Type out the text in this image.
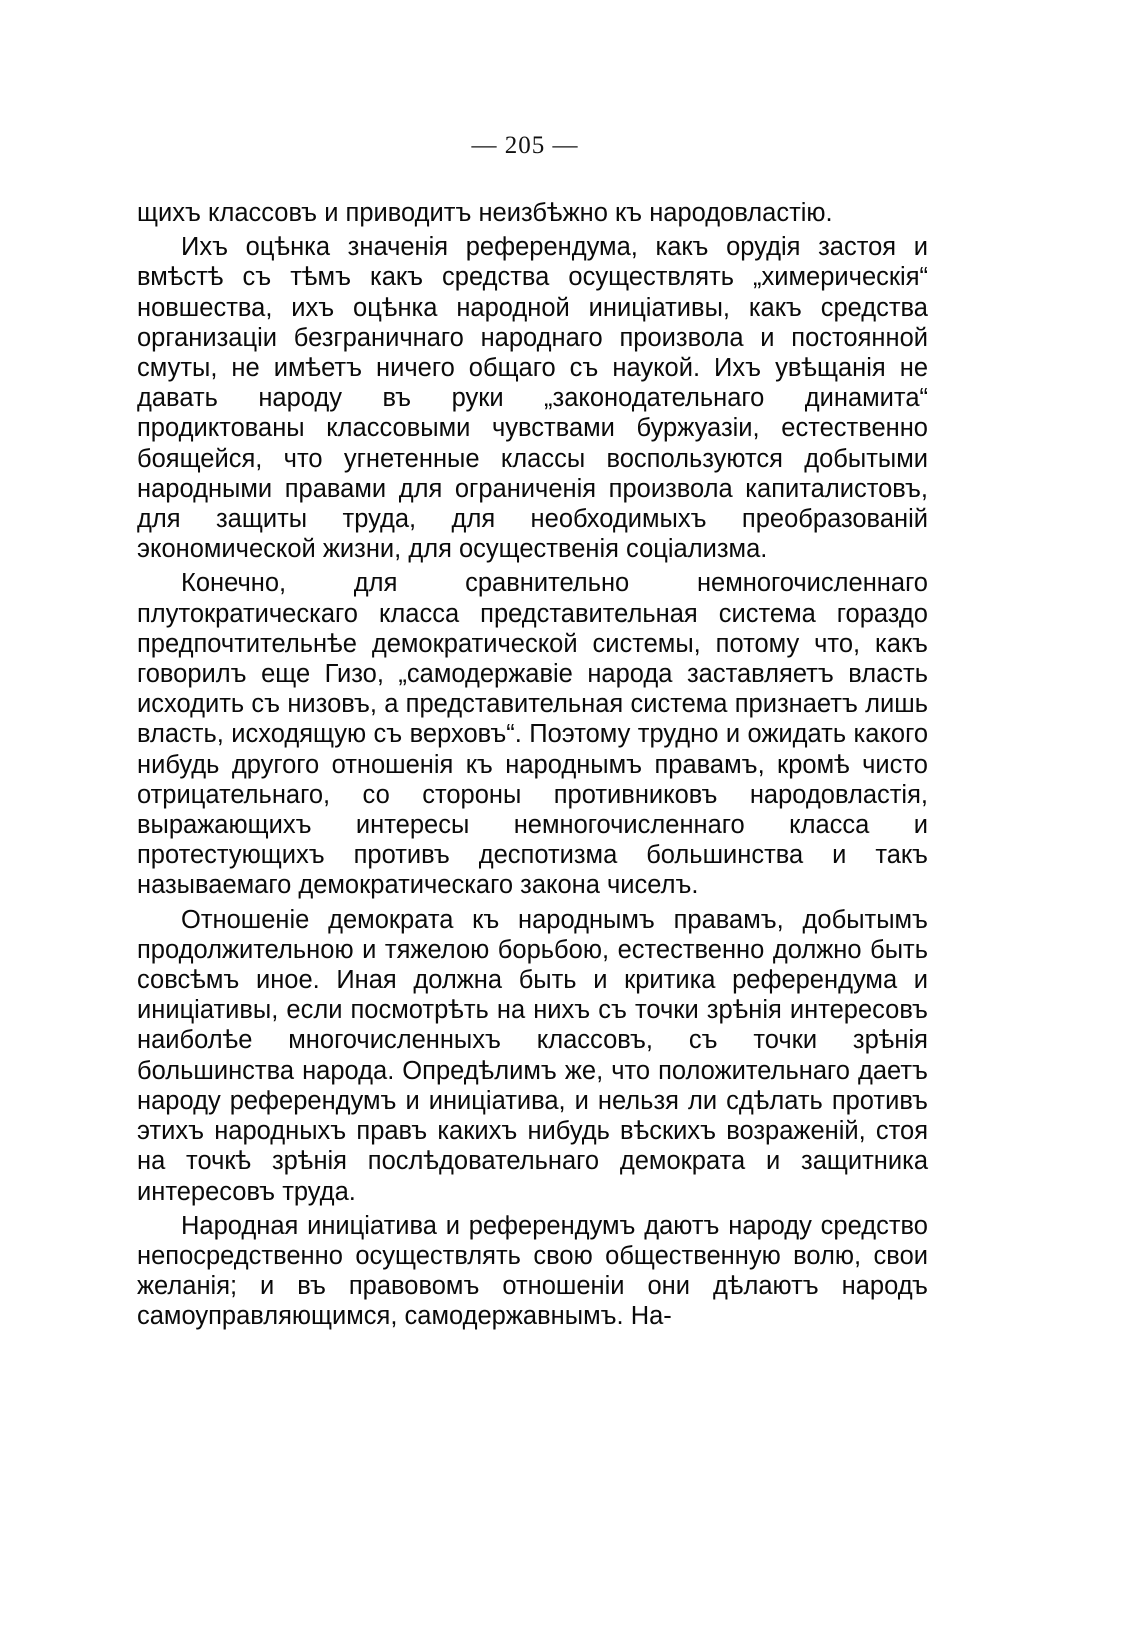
— 205 —

щихъ классовъ и приводитъ неизбѣжно къ народовластію.

Ихъ оцѣнка значенія референдума, какъ орудія застоя и вмѣстѣ съ тѣмъ какъ средства осуществлять „химерическія“ новшества, ихъ оцѣнка народной иниціативы, какъ средства организаціи безграничнаго народнаго произвола и постоянной смуты, не имѣетъ ничего общаго съ наукой. Ихъ увѣщанія не давать народу въ руки „законодательнаго динамита“ продиктованы классовыми чувствами буржуазіи, естественно боящейся, что угнетенные классы воспользуются добытыми народными правами для ограниченія произвола капиталистовъ, для защиты труда, для необходимыхъ преобразованій экономической жизни, для осущественія соціализма.

Конечно, для сравнительно немногочисленнаго плутократическаго класса представительная система гораздо предпочтительнѣе демократической системы, потому что, какъ говорилъ еще Гизо, „самодержавіе народа заставляетъ власть исходить съ низовъ, а представительная система признаетъ лишь власть, исходящую съ верховъ“. Поэтому трудно и ожидать какого нибудь другого отношенія къ народнымъ правамъ, кромѣ чисто отрицательнаго, со стороны противниковъ народовластія, выражающихъ интересы немногочисленнаго класса и протестующихъ противъ деспотизма большинства и такъ называемаго демократическаго закона чиселъ.

Отношеніе демократа къ народнымъ правамъ, добытымъ продолжительною и тяжелою борьбою, естественно должно быть совсѣмъ иное. Иная должна быть и критика референдума и иниціативы, если посмотрѣть на нихъ съ точки зрѣнія интересовъ наиболѣе многочисленныхъ классовъ, съ точки зрѣнія большинства народа. Опредѣлимъ же, что положительнаго даетъ народу референдумъ и иниціатива, и нельзя ли сдѣлать противъ этихъ народныхъ правъ какихъ нибудь вѣскихъ возраженій, стоя на точкѣ зрѣнія послѣдовательнаго демократа и защитника интересовъ труда.

Народная иниціатива и референдумъ даютъ народу средство непосредственно осуществлять свою общественную волю, свои желанія; и въ правовомъ отношеніи они дѣлаютъ народъ самоуправляющимся, самодержавнымъ. На-
